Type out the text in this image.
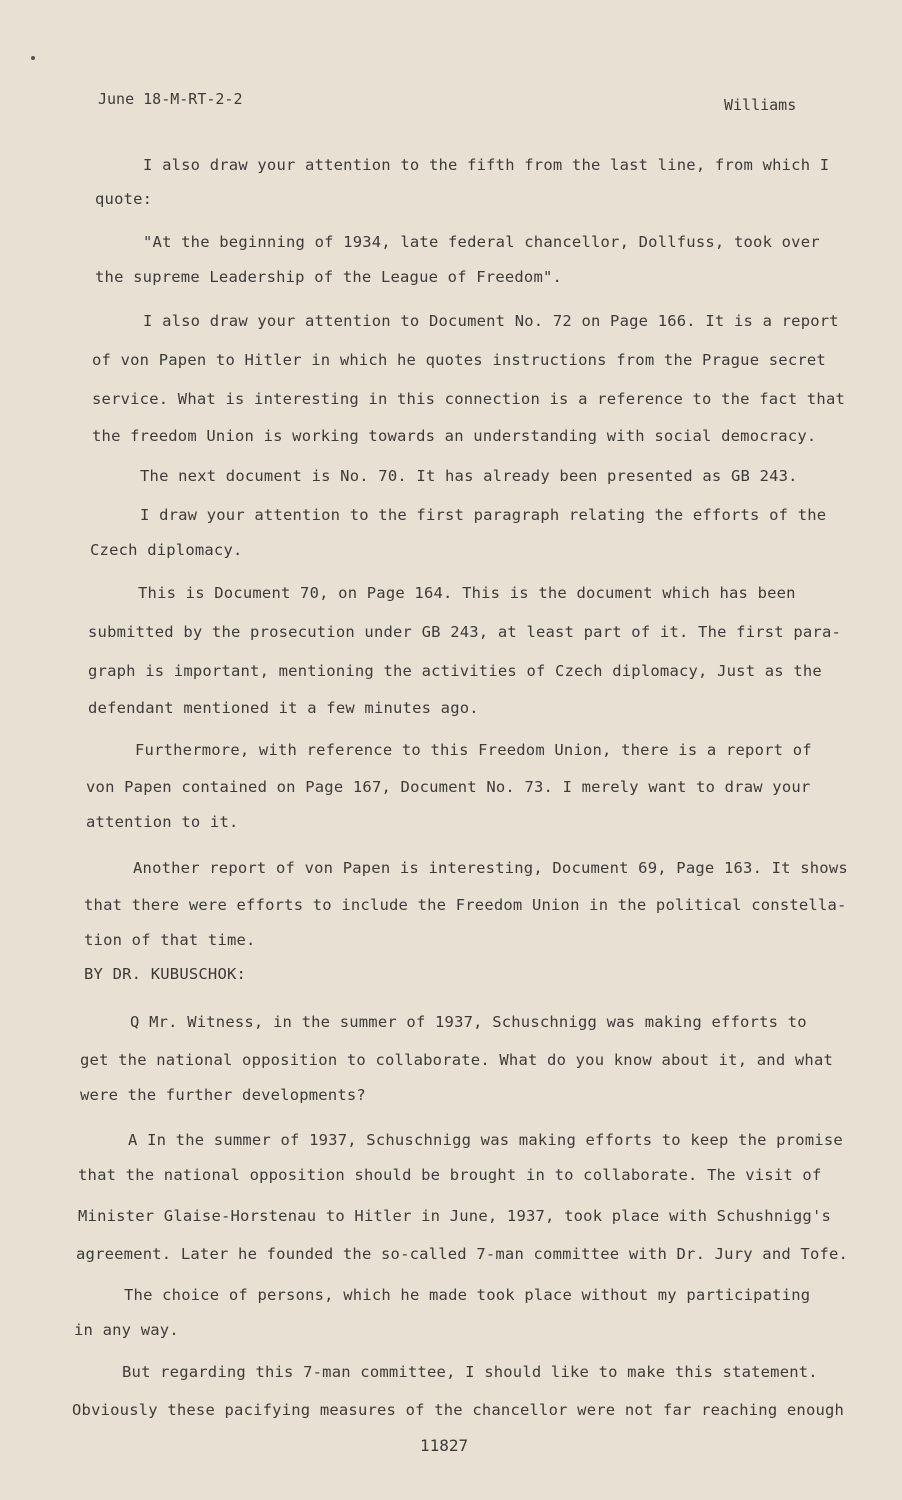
June 18-M-RT-2-2	Williams
I also draw your attention to the fifth from the last line, from which I
quote:
"At the beginning of 1934, late federal chancellor, Dollfuss, took over
the supreme Leadership of the League of Freedom".
I also draw your attention to Document No. 72 on Page 166. It is a report
of von Papen to Hitler in which he quotes instructions from the Prague secret
service. What is interesting in this connection is a reference to the fact that
the freedom Union is working towards an understanding with social democracy.
The next document is No. 70. It has already been presented as GB 243.
I draw your attention to the first paragraph relating the efforts of the
Czech diplomacy.
This is Document 70, on Page 164. This is the document which has been
submitted by the prosecution under GB 243, at least part of it. The first para-
graph is important, mentioning the activities of Czech diplomacy, Just as the
defendant mentioned it a few minutes ago.
Furthermore, with reference to this Freedom Union, there is a report of
von Papen contained on Page 167, Document No. 73. I merely want to draw your
attention to it.
Another report of von Papen is interesting, Document 69, Page 163. It shows
that there were efforts to include the Freedom Union in the political constella-
tion of that time.
BY DR. KUBUSCHOK:
Q Mr. Witness, in the summer of 1937, Schuschnigg was making efforts to
get the national opposition to collaborate. What do you know about it, and what
were the further developments?
A In the summer of 1937, Schuschnigg was making efforts to keep the promise
that the national opposition should be brought in to collaborate. The visit of
Minister Glaise-Horstenau to Hitler in June, 1937, took place with Schushnigg's
agreement. Later he founded the so-called 7-man committee with Dr. Jury and Tofe.
The choice of persons, which he made took place without my participating
in any way.
But regarding this 7-man committee, I should like to make this statement.
Obviously these pacifying measures of the chancellor were not far reaching enough
11827
